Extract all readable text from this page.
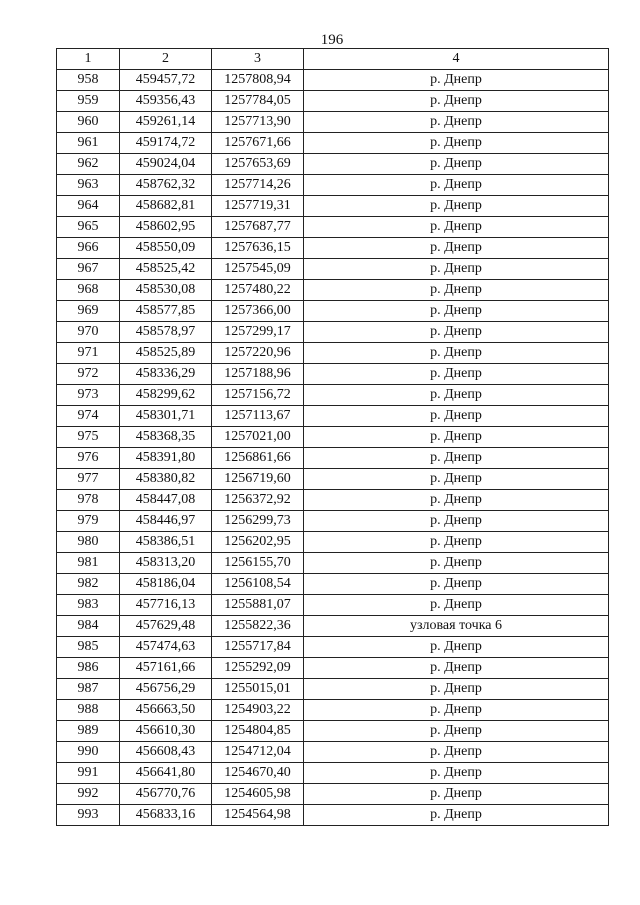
196
1	2	3	4
958	459457,72	1257808,94	р. Днепр
959	459356,43	1257784,05	р. Днепр
960	459261,14	1257713,90	р. Днепр
961	459174,72	1257671,66	р. Днепр
962	459024,04	1257653,69	р. Днепр
963	458762,32	1257714,26	р. Днепр
964	458682,81	1257719,31	р. Днепр
965	458602,95	1257687,77	р. Днепр
966	458550,09	1257636,15	р. Днепр
967	458525,42	1257545,09	р. Днепр
968	458530,08	1257480,22	р. Днепр
969	458577,85	1257366,00	р. Днепр
970	458578,97	1257299,17	р. Днепр
971	458525,89	1257220,96	р. Днепр
972	458336,29	1257188,96	р. Днепр
973	458299,62	1257156,72	р. Днепр
974	458301,71	1257113,67	р. Днепр
975	458368,35	1257021,00	р. Днепр
976	458391,80	1256861,66	р. Днепр
977	458380,82	1256719,60	р. Днепр
978	458447,08	1256372,92	р. Днепр
979	458446,97	1256299,73	р. Днепр
980	458386,51	1256202,95	р. Днепр
981	458313,20	1256155,70	р. Днепр
982	458186,04	1256108,54	р. Днепр
983	457716,13	1255881,07	р. Днепр
984	457629,48	1255822,36	узловая точка 6
985	457474,63	1255717,84	р. Днепр
986	457161,66	1255292,09	р. Днепр
987	456756,29	1255015,01	р. Днепр
988	456663,50	1254903,22	р. Днепр
989	456610,30	1254804,85	р. Днепр
990	456608,43	1254712,04	р. Днепр
991	456641,80	1254670,40	р. Днепр
992	456770,76	1254605,98	р. Днепр
993	456833,16	1254564,98	р. Днепр
